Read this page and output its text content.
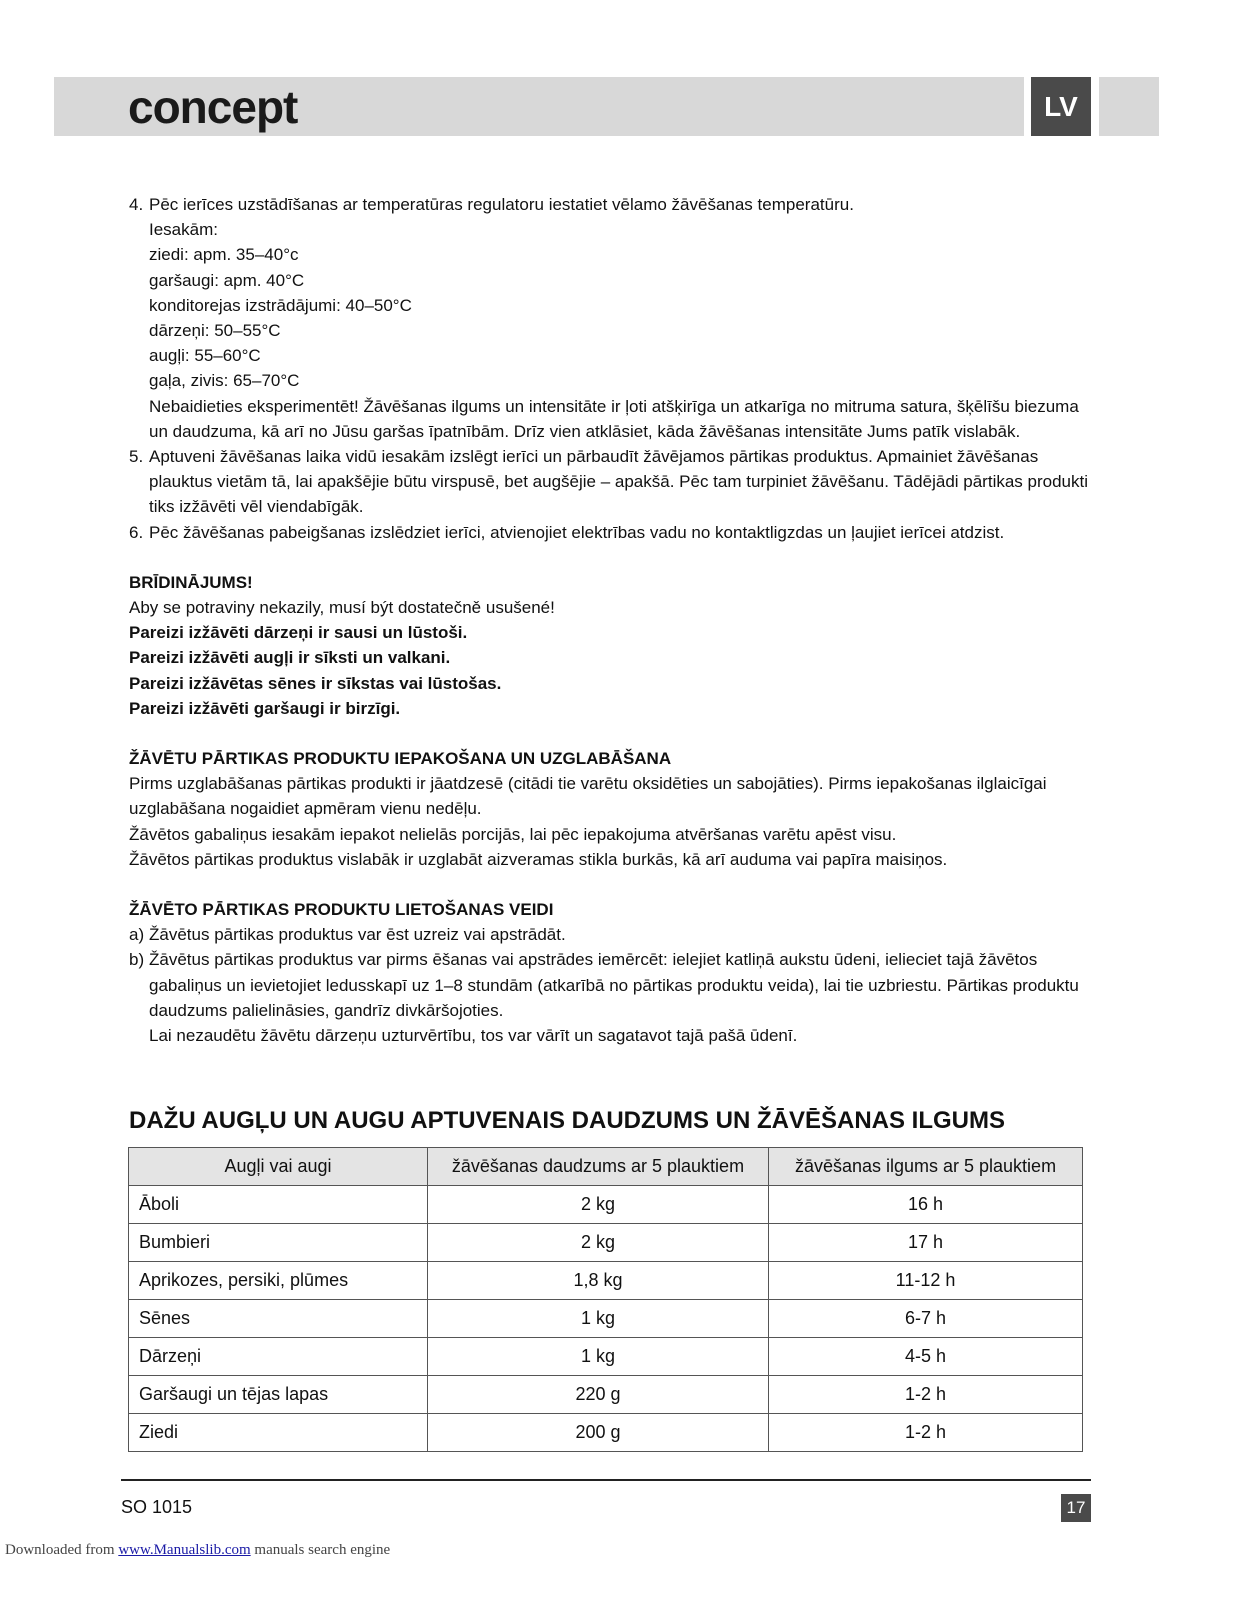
concept	LV
4. Pēc ierīces uzstādīšanas ar temperatūras regulatoru iestatiet vēlamo žāvēšanas temperatūru.

Iesakām:

ziedi: apm. 35–40°c

garšaugi: apm. 40°C

konditorejas izstrādājumi: 40–50°C

dārzeņi: 50–55°C

augļi: 55–60°C

gaļa, zivis: 65–70°C

Nebaidieties eksperimentēt! Žāvēšanas ilgums un intensitāte ir ļoti atšķirīga un atkarīga no mitruma satura, šķēlīšu biezuma un daudzuma, kā arī no Jūsu garšas īpatnībām. Drīz vien atklāsiet, kāda žāvēšanas intensitāte Jums patīk vislabāk.

5. Aptuveni žāvēšanas laika vidū iesakām izslēgt ierīci un pārbaudīt žāvējamos pārtikas produktus. Apmainiet žāvēšanas plauktus vietām tā, lai apakšējie būtu virspusē, bet augšējie – apakšā. Pēc tam turpiniet žāvēšanu. Tādējādi pārtikas produkti tiks izžāvēti vēl viendabīgāk.

6. Pēc žāvēšanas pabeigšanas izslēdziet ierīci, atvienojiet elektrības vadu no kontaktligzdas un ļaujiet ierīcei atdzist.

BRĪDINĀJUMS!

Aby se potraviny nekazily, musí být dostatečně usušené!

Pareizi izžāvēti dārzeņi ir sausi un lūstoši.

Pareizi izžāvēti augļi ir sīksti un valkani.

Pareizi izžāvētas sēnes ir sīkstas vai lūstošas.

Pareizi izžāvēti garšaugi ir birzīgi.

ŽĀVĒTU PĀRTIKAS PRODUKTU IEPAKOŠANA UN UZGLABĀŠANA

Pirms uzglabāšanas pārtikas produkti ir jāatdzesē (citādi tie varētu oksidēties un sabojāties). Pirms iepakošanas ilglaicīgai uzglabāšana nogaidiet apmēram vienu nedēļu.

Žāvētos gabaliņus iesakām iepakot nelielās porcijās, lai pēc iepakojuma atvēršanas varētu apēst visu.

Žāvētos pārtikas produktus vislabāk ir uzglabāt aizveramas stikla burkās, kā arī auduma vai papīra maisiņos.

ŽĀVĒTO PĀRTIKAS PRODUKTU LIETOŠANAS VEIDI

a) Žāvētus pārtikas produktus var ēst uzreiz vai apstrādāt.

b) Žāvētus pārtikas produktus var pirms ēšanas vai apstrādes iemērcēt: ielejiet katliņā aukstu ūdeni, ielieciet tajā žāvētos gabaliņus un ievietojiet ledusskapī uz 1–8 stundām (atkarībā no pārtikas produktu veida), lai tie uzbriestu. Pārtikas produktu daudzums palielināsies, gandrīz divkāršojoties.

Lai nezaudētu žāvētu dārzeņu uzturvērtību, tos var vārīt un sagatavot tajā pašā ūdenī.

DAŽU AUGĻU UN AUGU APTUVENAIS DAUDZUMS UN ŽĀVĒŠANAS ILGUMS
Augļi vai augi	žāvēšanas daudzums ar 5 plauktiem	žāvēšanas ilgums ar 5 plauktiem
Āboli	2 kg	16 h
Bumbieri	2 kg	17 h
Aprikozes, persiki, plūmes	1,8 kg	11-12 h
Sēnes	1 kg	6-7 h
Dārzeņi	1 kg	4-5 h
Garšaugi un tējas lapas	220 g	1-2 h
Ziedi	200 g	1-2 h
SO 1015	17
Downloaded from www.Manualslib.com manuals search engine
